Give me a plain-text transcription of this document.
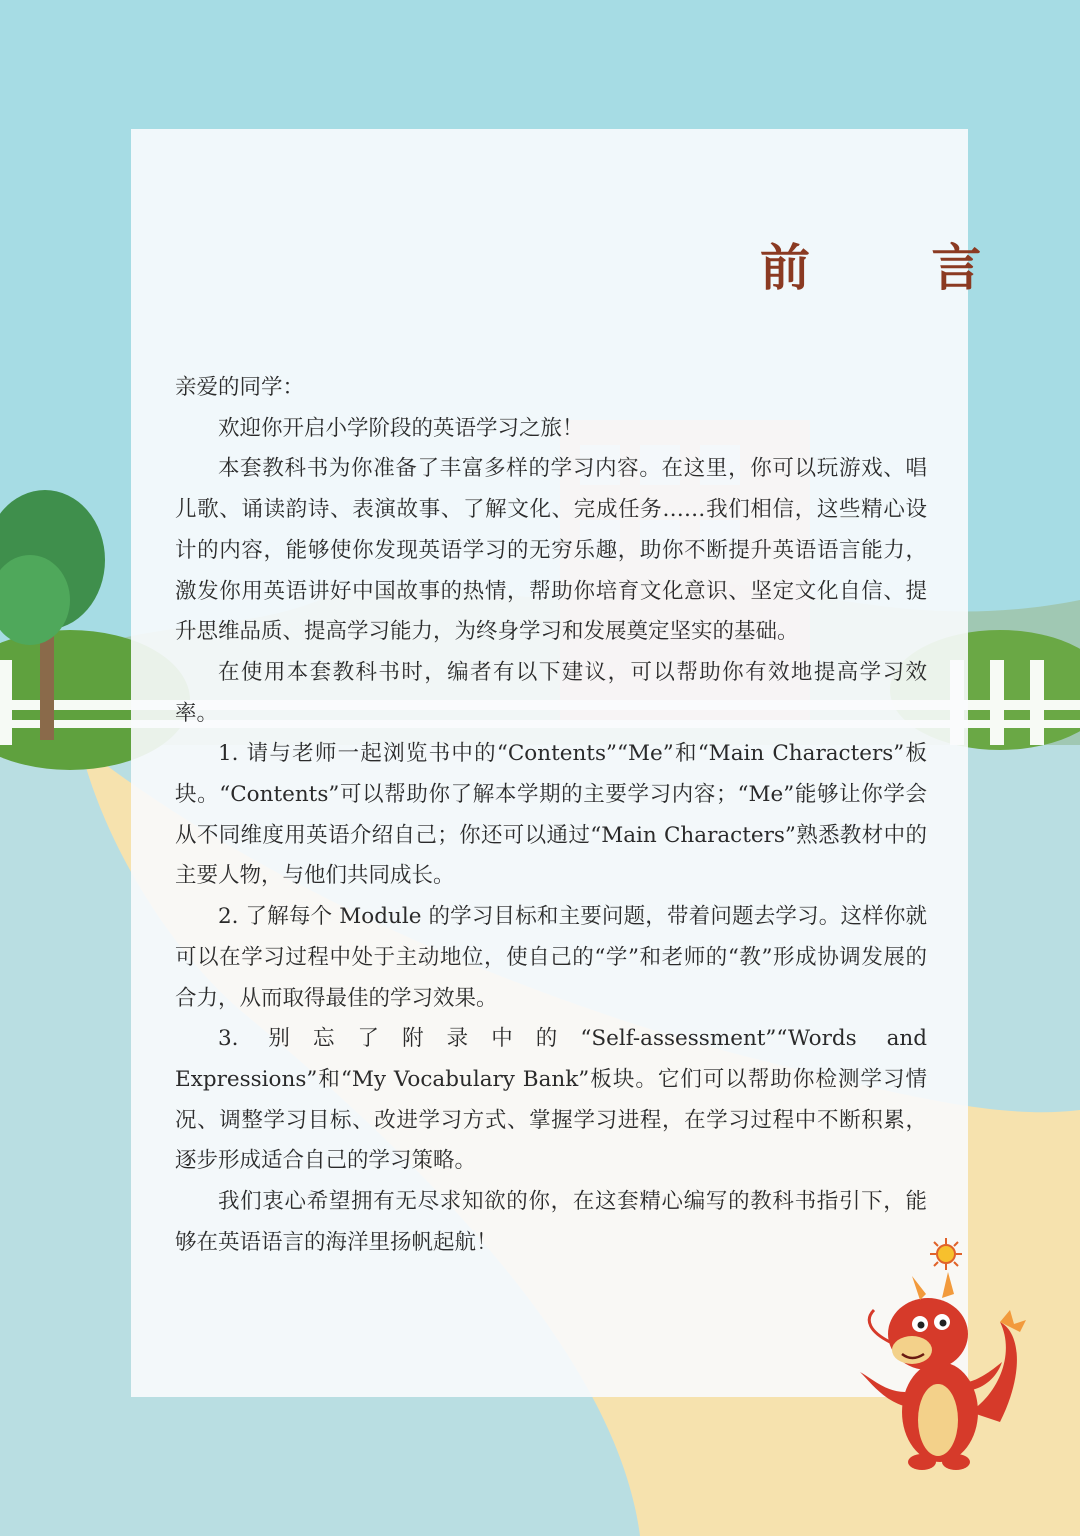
前 言

亲爱的同学：

欢迎你开启小学阶段的英语学习之旅！

本套教科书为你准备了丰富多样的学习内容。在这里，你可以玩游戏、唱儿歌、诵读韵诗、表演故事、了解文化、完成任务……我们相信，这些精心设计的内容，能够使你发现英语学习的无穷乐趣，助你不断提升英语语言能力，激发你用英语讲好中国故事的热情，帮助你培育文化意识、坚定文化自信、提升思维品质、提高学习能力，为终身学习和发展奠定坚实的基础。

在使用本套教科书时，编者有以下建议，可以帮助你有效地提高学习效率。

1. 请与老师一起浏览书中的“Contents”“Me”和“Main Characters”板块。“Contents”可以帮助你了解本学期的主要学习内容；“Me”能够让你学会从不同维度用英语介绍自己；你还可以通过“Main Characters”熟悉教材中的主要人物，与他们共同成长。

2. 了解每个 Module 的学习目标和主要问题，带着问题去学习。这样你就可以在学习过程中处于主动地位，使自己的“学”和老师的“教”形成协调发展的合力，从而取得最佳的学习效果。

3. 别忘了附录中的“Self-assessment”“Words and Expressions”和“My Vocabulary Bank”板块。它们可以帮助你检测学习情况、调整学习目标、改进学习方式、掌握学习进程，在学习过程中不断积累，逐步形成适合自己的学习策略。

我们衷心希望拥有无尽求知欲的你，在这套精心编写的教科书指引下，能够在英语语言的海洋里扬帆起航！
